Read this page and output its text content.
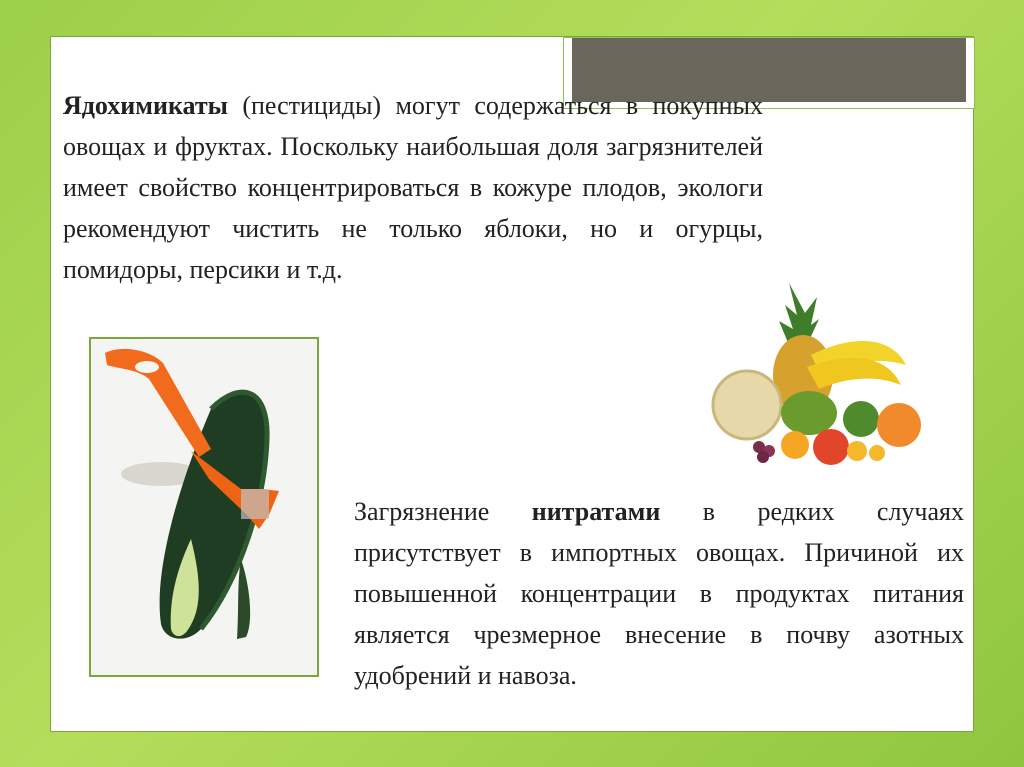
Ядохимикаты (пестициды) могут содержаться в покупных овощах и фруктах. Поскольку наибольшая доля загрязнителей имеет свойство концентрироваться в кожуре плодов, экологи рекомендуют чистить не только яблоки, но и огурцы, помидоры, персики и т.д.

Загрязнение нитратами в редких случаях присутствует в импортных овощах. Причиной их повышенной концентрации в продуктах питания является чрезмерное внесение в почву азотных удобрений и навоза.
